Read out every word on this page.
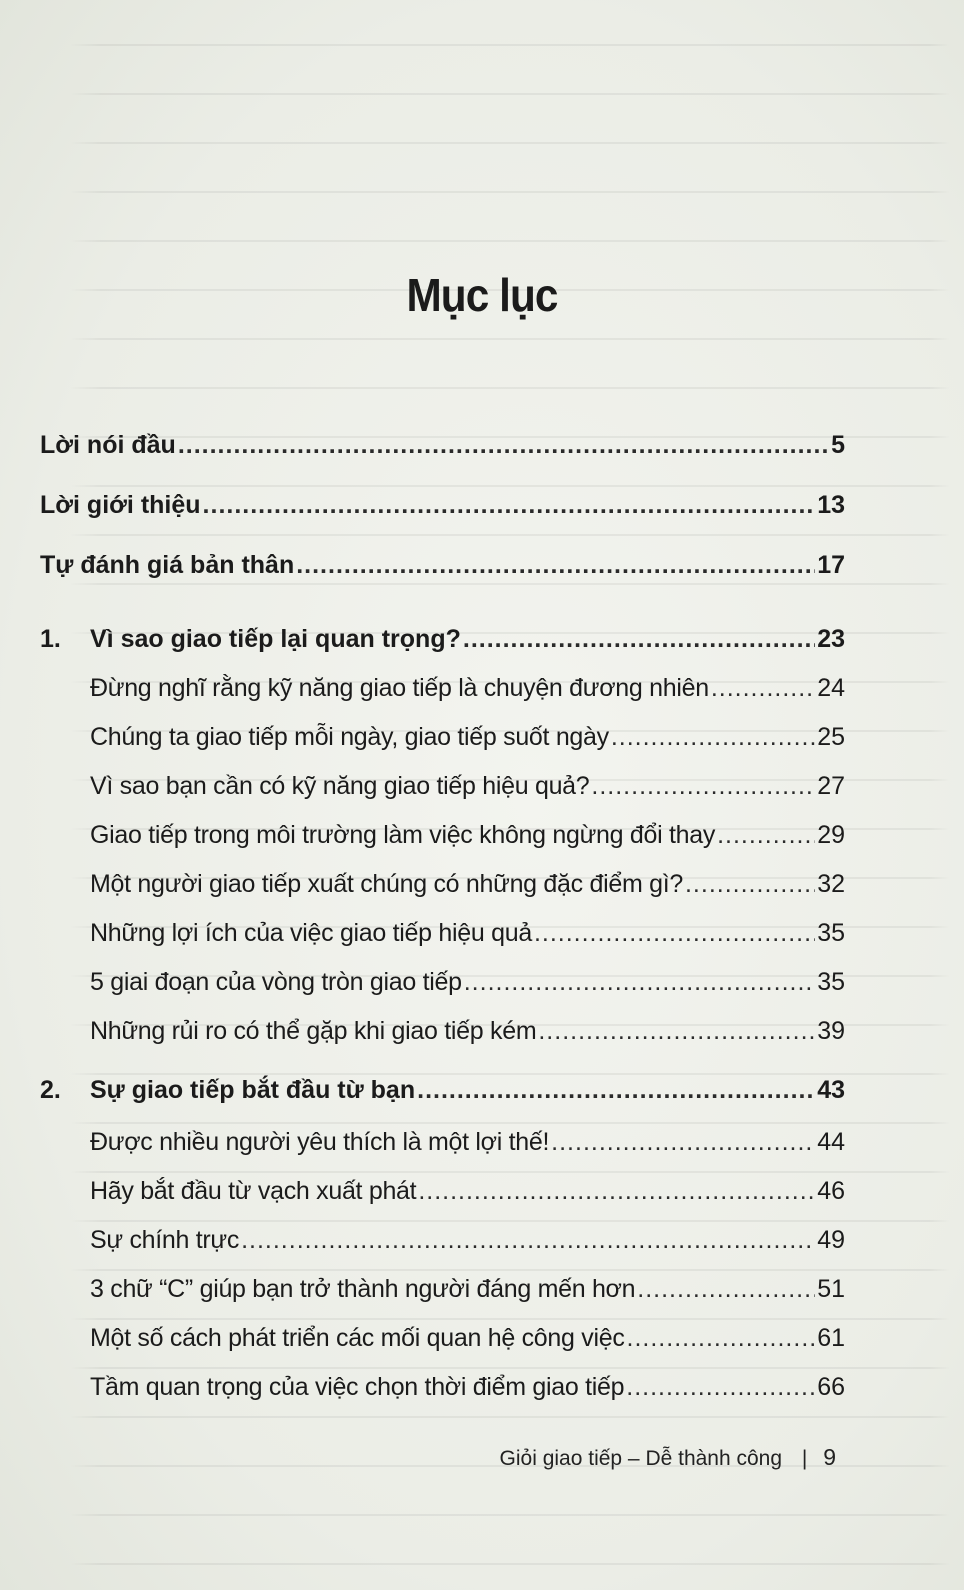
Mục lục
Lời nói đầu .....	5
Lời giới thiệu .....	13
Tự đánh giá bản thân .....	17
1.	Vì sao giao tiếp lại quan trọng? .....	23
Đừng nghĩ rằng kỹ năng giao tiếp là chuyện đương nhiên .....	24
Chúng ta giao tiếp mỗi ngày, giao tiếp suốt ngày .....	25
Vì sao bạn cần có kỹ năng giao tiếp hiệu quả? .....	27
Giao tiếp trong môi trường làm việc không ngừng đổi thay .....	29
Một người giao tiếp xuất chúng có những đặc điểm gì? .....	32
Những lợi ích của việc giao tiếp hiệu quả .....	35
5 giai đoạn của vòng tròn giao tiếp .....	35
Những rủi ro có thể gặp khi giao tiếp kém .....	39
2.	Sự giao tiếp bắt đầu từ bạn .....	43
Được nhiều người yêu thích là một lợi thế! .....	44
Hãy bắt đầu từ vạch xuất phát .....	46
Sự chính trực .....	49
3 chữ “C” giúp bạn trở thành người đáng mến hơn .....	51
Một số cách phát triển các mối quan hệ công việc .....	61
Tầm quan trọng của việc chọn thời điểm giao tiếp .....	66
Giỏi giao tiếp – Dễ thành công | 9
